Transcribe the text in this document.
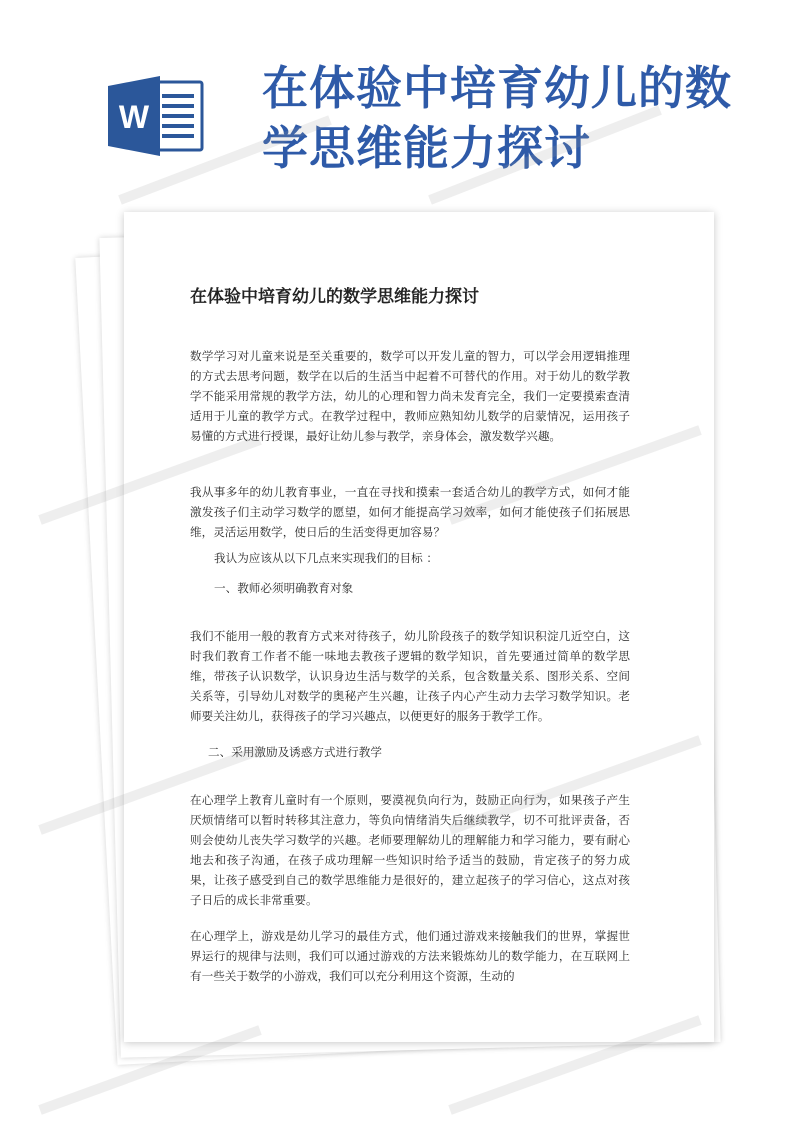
W
在体验中培育幼儿的数学思维能力探讨
在体验中培育幼儿的数学思维能力探讨
数学学习对儿童来说是至关重要的，数学可以开发儿童的智力，可以学会用逻辑推理的方式去思考问题，数学在以后的生活当中起着不可替代的作用。对于幼儿的数学教学不能采用常规的教学方法，幼儿的心理和智力尚未发育完全，我们一定要摸索查清适用于儿童的教学方式。在教学过程中，教师应熟知幼儿数学的启蒙情况，运用孩子易懂的方式进行授课，最好让幼儿参与教学，亲身体会，激发数学兴趣。
我从事多年的幼儿教育事业，一直在寻找和摸索一套适合幼儿的教学方式，如何才能激发孩子们主动学习数学的愿望，如何才能提高学习效率，如何才能使孩子们拓展思维，灵活运用数学，使日后的生活变得更加容易？
我认为应该从以下几点来实现我们的目标 ：
一、教师必须明确教育对象
我们不能用一般的教育方式来对待孩子，幼儿阶段孩子的数学知识积淀几近空白，这时我们教育工作者不能一味地去教孩子逻辑的数学知识，首先要通过简单的数学思维，带孩子认识数学，认识身边生活与数学的关系，包含数量关系、图形关系、空间关系等，引导幼儿对数学的奥秘产生兴趣，让孩子内心产生动力去学习数学知识。老师要关注幼儿，获得孩子的学习兴趣点，以便更好的服务于教学工作。
二、采用激励及诱惑方式进行教学
在心理学上教育儿童时有一个原则，要漠视负向行为，鼓励正向行为，如果孩子产生厌烦情绪可以暂时转移其注意力，等负向情绪消失后继续教学，切不可批评责备，否则会使幼儿丧失学习数学的兴趣。老师要理解幼儿的理解能力和学习能力，要有耐心地去和孩子沟通，在孩子成功理解一些知识时给予适当的鼓励，肯定孩子的努力成果，让孩子感受到自己的数学思维能力是很好的，建立起孩子的学习信心，这点对孩子日后的成长非常重要。
在心理学上，游戏是幼儿学习的最佳方式，他们通过游戏来接触我们的世界，掌握世界运行的规律与法则，我们可以通过游戏的方法来锻炼幼儿的数学能力，在互联网上有一些关于数学的小游戏，我们可以充分利用这个资源，生动的
